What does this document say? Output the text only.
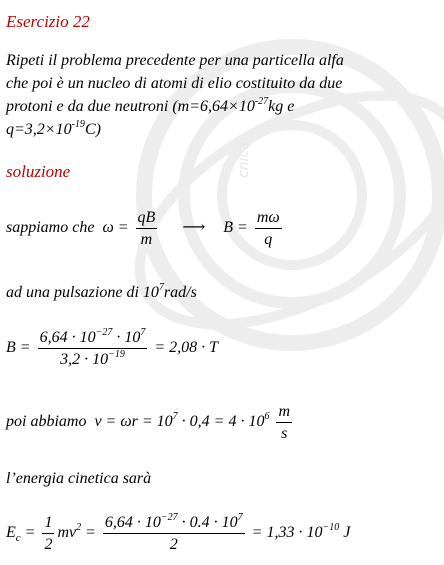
cnica
Esercizio 22
Ripeti il problema precedente per una particella alfa
che poi è un nucleo di atomi di elio costituito da due
protoni e da due neutroni ($m=6,64\times 10^{-27}kg$ e
$q=3,2\times 10^{-19}C$)
soluzione
sappiamo che $\omega = \frac{qB}{m}$ ⟶ $B = \frac{m\omega}{q}$
ad una pulsazione di $10^7rad/s$
$B = \frac{6,64 \cdot 10^{-27} \cdot 10^7}{3,2 \cdot 10^{-19}} = 2,08 \cdot T$
poi abbiamo $v = \omega r = 10^7 \cdot 0,4 = 4 \cdot 10^6 \frac{m}{s}$
l’energia cinetica sarà
$E_c = \frac{1}{2} mv^2 = \frac{6,64 \cdot 10^{-27} \cdot 0.4 \cdot 10^7}{2} = 1,33 \cdot 10^{-10}$ J
